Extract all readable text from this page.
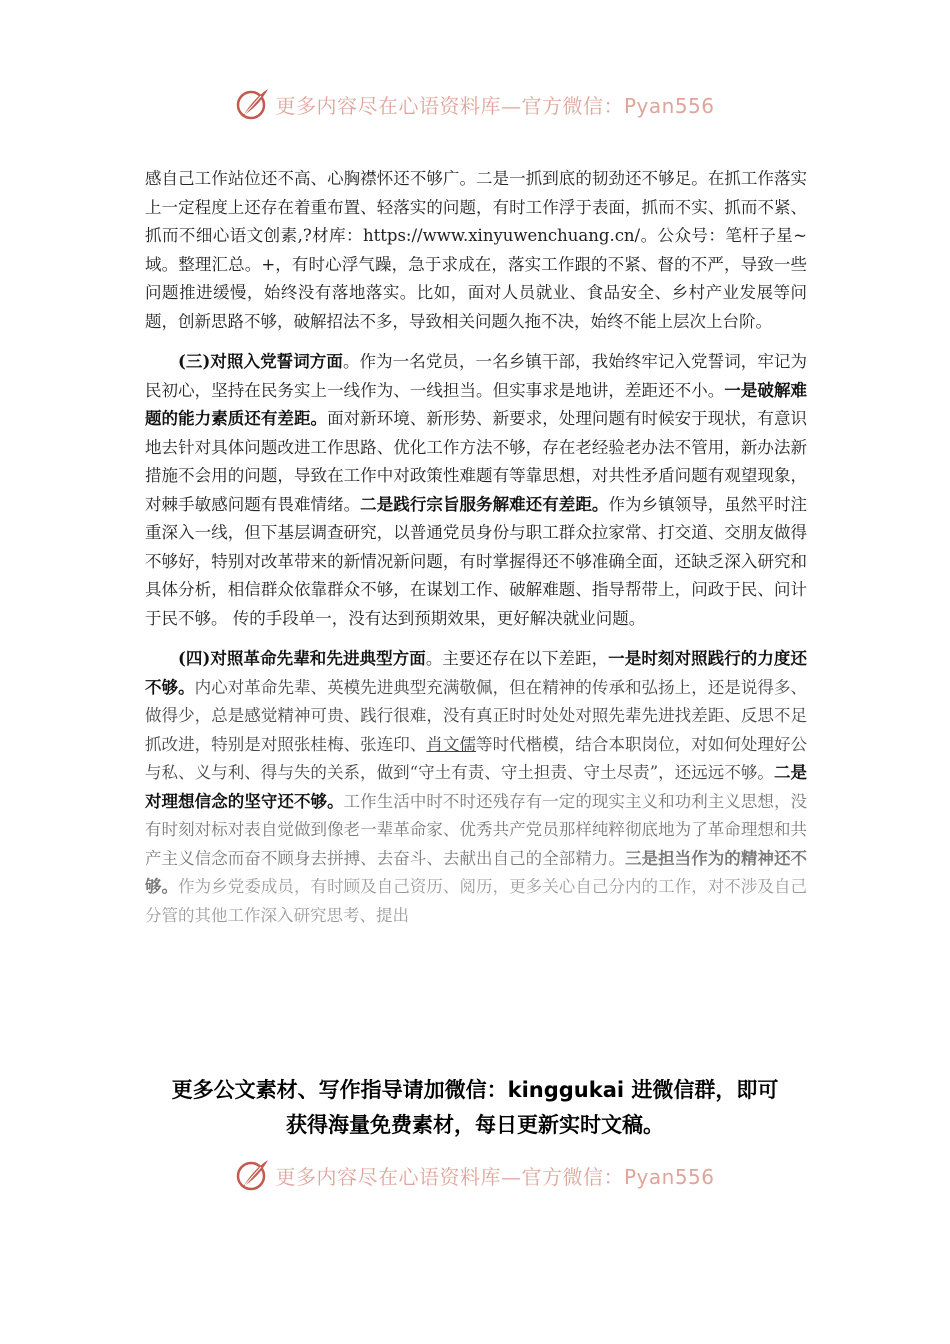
更多内容尽在心语资料库—官方微信：Pyan556

感自己工作站位还不高、心胸襟怀还不够广。二是一抓到底的韧劲还不够足。在抓工作落实上一定程度上还存在着重布置、轻落实的问题，有时工作浮于表面，抓而不实、抓而不紧、抓而不细心语文创素,?材库：https://www.xinyuwenchuang.cn/。公众号：笔杆子星~域。整理汇总。+，有时心浮气躁，急于求成在，落实工作跟的不紧、督的不严，导致一些问题推进缓慢，始终没有落地落实。比如，面对人员就业、食品安全、乡村产业发展等问题，创新思路不够，破解招法不多，导致相关问题久拖不决，始终不能上层次上台阶。

(三)对照入党誓词方面。作为一名党员，一名乡镇干部，我始终牢记入党誓词，牢记为民初心，坚持在民务实上一线作为、一线担当。但实事求是地讲，差距还不小。一是破解难题的能力素质还有差距。面对新环境、新形势、新要求，处理问题有时候安于现状，有意识地去针对具体问题改进工作思路、优化工作方法不够，存在老经验老办法不管用，新办法新措施不会用的问题，导致在工作中对政策性难题有等靠思想，对共性矛盾问题有观望现象，对棘手敏感问题有畏难情绪。二是践行宗旨服务解难还有差距。作为乡镇领导，虽然平时注重深入一线，但下基层调查研究，以普通党员身份与职工群众拉家常、打交道、交朋友做得不够好，特别对改革带来的新情况新问题，有时掌握得还不够准确全面，还缺乏深入研究和具体分析，相信群众依靠群众不够，在谋划工作、破解难题、指导帮带上，问政于民、问计于民不够。 传的手段单一，没有达到预期效果，更好解决就业问题。

(四)对照革命先辈和先进典型方面。主要还存在以下差距，一是时刻对照践行的力度还不够。内心对革命先辈、英模先进典型充满敬佩，但在精神的传承和弘扬上，还是说得多、做得少，总是感觉精神可贵、践行很难，没有真正时时处处对照先辈先进找差距、反思不足抓改进，特别是对照张桂梅、张连印、肖文儒等时代楷模，结合本职岗位，对如何处理好公与私、义与利、得与失的关系，做到“守土有责、守土担责、守土尽责”，还远远不够。二是对理想信念的坚守还不够。工作生活中时不时还残存有一定的现实主义和功利主义思想，没有时刻对标对表自觉做到像老一辈革命家、优秀共产党员那样纯粹彻底地为了革命理想和共产主义信念而奋不顾身去拼搏、去奋斗、去献出自己的全部精力。三是担当作为的精神还不够。作为乡党委成员，有时顾及自己资历、阅历，更多关心自己分内的工作，对不涉及自己分管的其他工作深入研究思考、提出

更多公文素材、写作指导请加微信：kinggukai 进微信群，即可
获得海量免费素材，每日更新实时文稿。
更多内容尽在心语资料库—官方微信：Pyan556
